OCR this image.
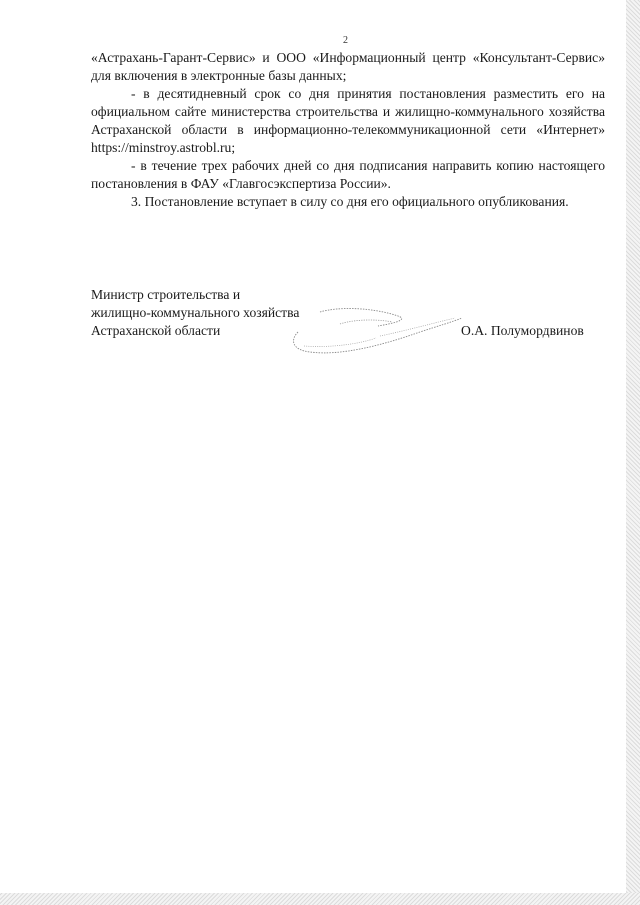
2

«Астрахань-Гарант-Сервис» и ООО «Информационный центр «Консультант-Сервис» для включения в электронные базы данных;

- в десятидневный срок со дня принятия постановления разместить его на официальном сайте министерства строительства и жилищно-коммунального хозяйства Астраханской области в информационно-телекоммуникационной сети «Интернет» https://minstroy.astrobl.ru;

- в течение трех рабочих дней со дня подписания направить копию настоящего постановления в ФАУ «Главгосэкспертиза России».

3. Постановление вступает в силу со дня его официального опубликования.

Министр строительства и
жилищно-коммунального хозяйства
Астраханской области	О.А. Полумордвинов
